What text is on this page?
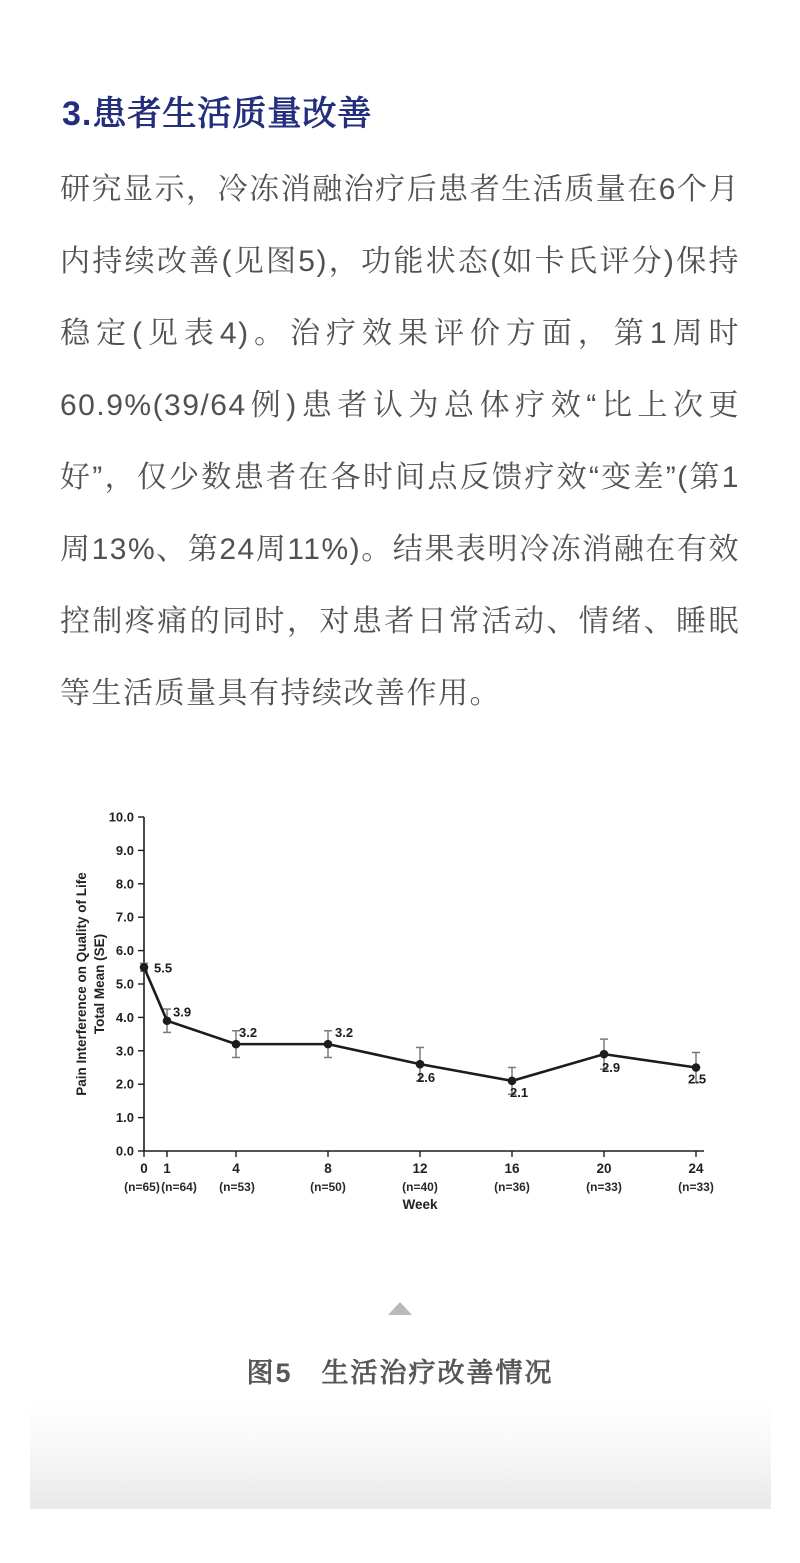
3.患者生活质量改善

研究显示，冷冻消融治疗后患者生活质量在6个月内持续改善(见图5)，功能状态(如卡氏评分)保持稳定(见表4)。治疗效果评价方面，第1周时60.9%(39/64例)患者认为总体疗效“比上次更好”，仅少数患者在各时间点反馈疗效“变差”(第1周13%、第24周11%)。结果表明冷冻消融在有效控制疼痛的同时，对患者日常活动、情绪、睡眠等生活质量具有持续改善作用。

0.0
1.0
2.0
3.0
4.0
5.0
6.0
7.0
8.0
9.0
10.0
0
(n=65)
1
(n=64)
4
(n=53)
8
(n=50)
12
(n=40)
16
(n=36)
20
(n=33)
24
(n=33)
5.5
3.9
3.2	3.2
2.6
2.1
2.9
2.5
Week
Pain Interference on Quality of Life Total Mean (SE)
图5　生活治疗改善情况
